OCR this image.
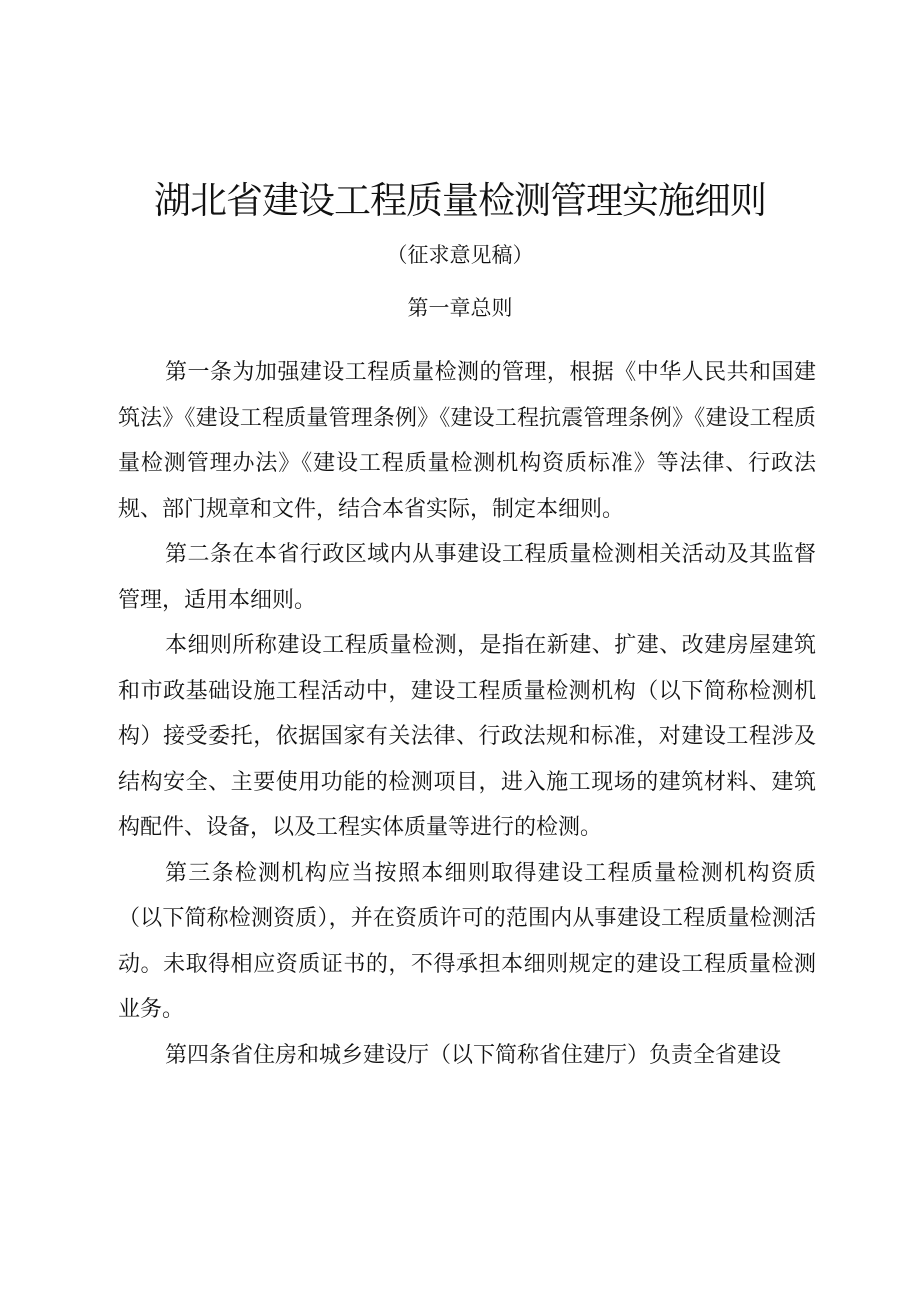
湖北省建设工程质量检测管理实施细则
（征求意见稿）
第一章总则

第一条为加强建设工程质量检测的管理，根据《中华人民共和国建筑法》《建设工程质量管理条例》《建设工程抗震管理条例》《建设工程质量检测管理办法》《建设工程质量检测机构资质标准》等法律、行政法规、部门规章和文件，结合本省实际，制定本细则。

第二条在本省行政区域内从事建设工程质量检测相关活动及其监督管理，适用本细则。

本细则所称建设工程质量检测，是指在新建、扩建、改建房屋建筑和市政基础设施工程活动中，建设工程质量检测机构（以下简称检测机构）接受委托，依据国家有关法律、行政法规和标准，对建设工程涉及结构安全、主要使用功能的检测项目，进入施工现场的建筑材料、建筑构配件、设备，以及工程实体质量等进行的检测。

第三条检测机构应当按照本细则取得建设工程质量检测机构资质（以下简称检测资质），并在资质许可的范围内从事建设工程质量检测活动。未取得相应资质证书的，不得承担本细则规定的建设工程质量检测业务。

第四条省住房和城乡建设厅（以下简称省住建厅）负责全省建设
